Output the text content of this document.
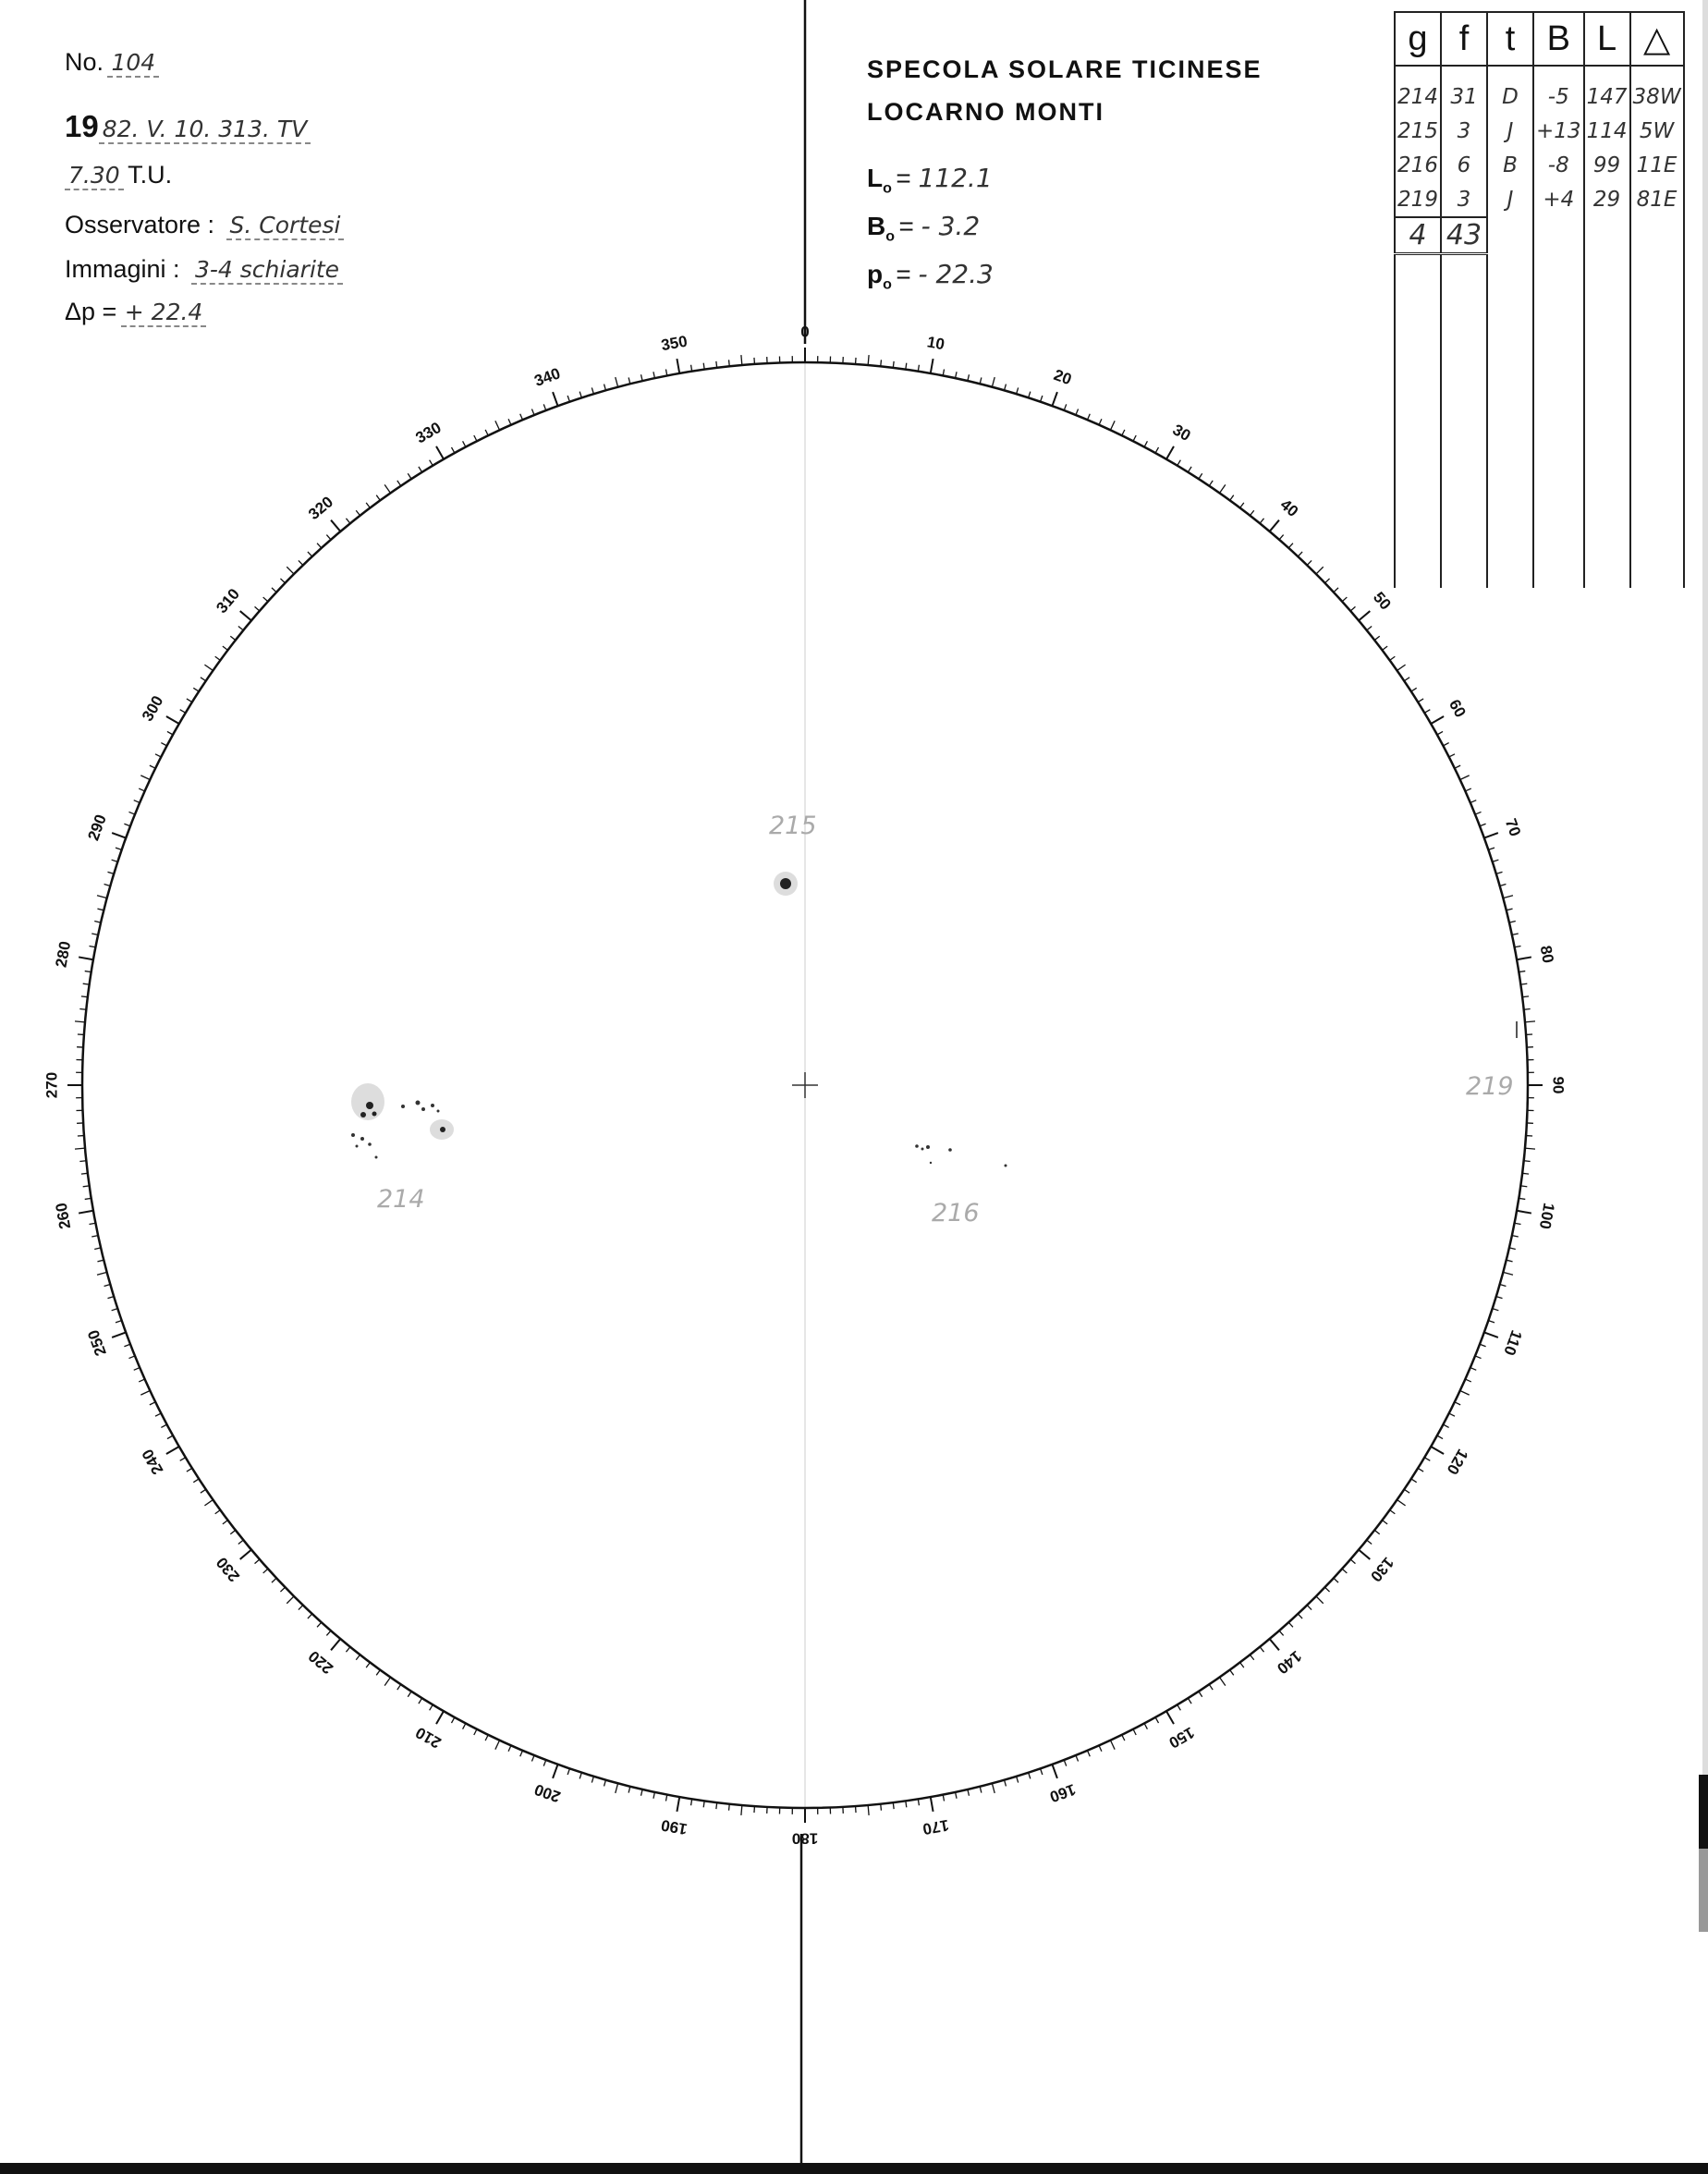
No. 104
19 82. V. 10. 313. TV
7.30 T.U.
Osservatore : S. Cortesi
Immagini : 3-4 schiarite
Δp = + 22.4
SPECOLA SOLARE TICINESE
LOCARNO MONTI
$L_o = 112.1$
$B_o$ = - 3.2
$p_o$ = - 22.3
g	f	t	B	L	△
214	31	D	-5	147	38W
215	3	J	+13	114	5W
216	6	B	-8	99	11E
219	3	J	+4	29	81E
4	43				

0
10
20
30
40
50
60
70
80
90
100
110
120
130
140
150
160
170
180
190
200
210
220
230
240
250
260
270
280
290
300
310
320
330
340
350
215
214	216
219
